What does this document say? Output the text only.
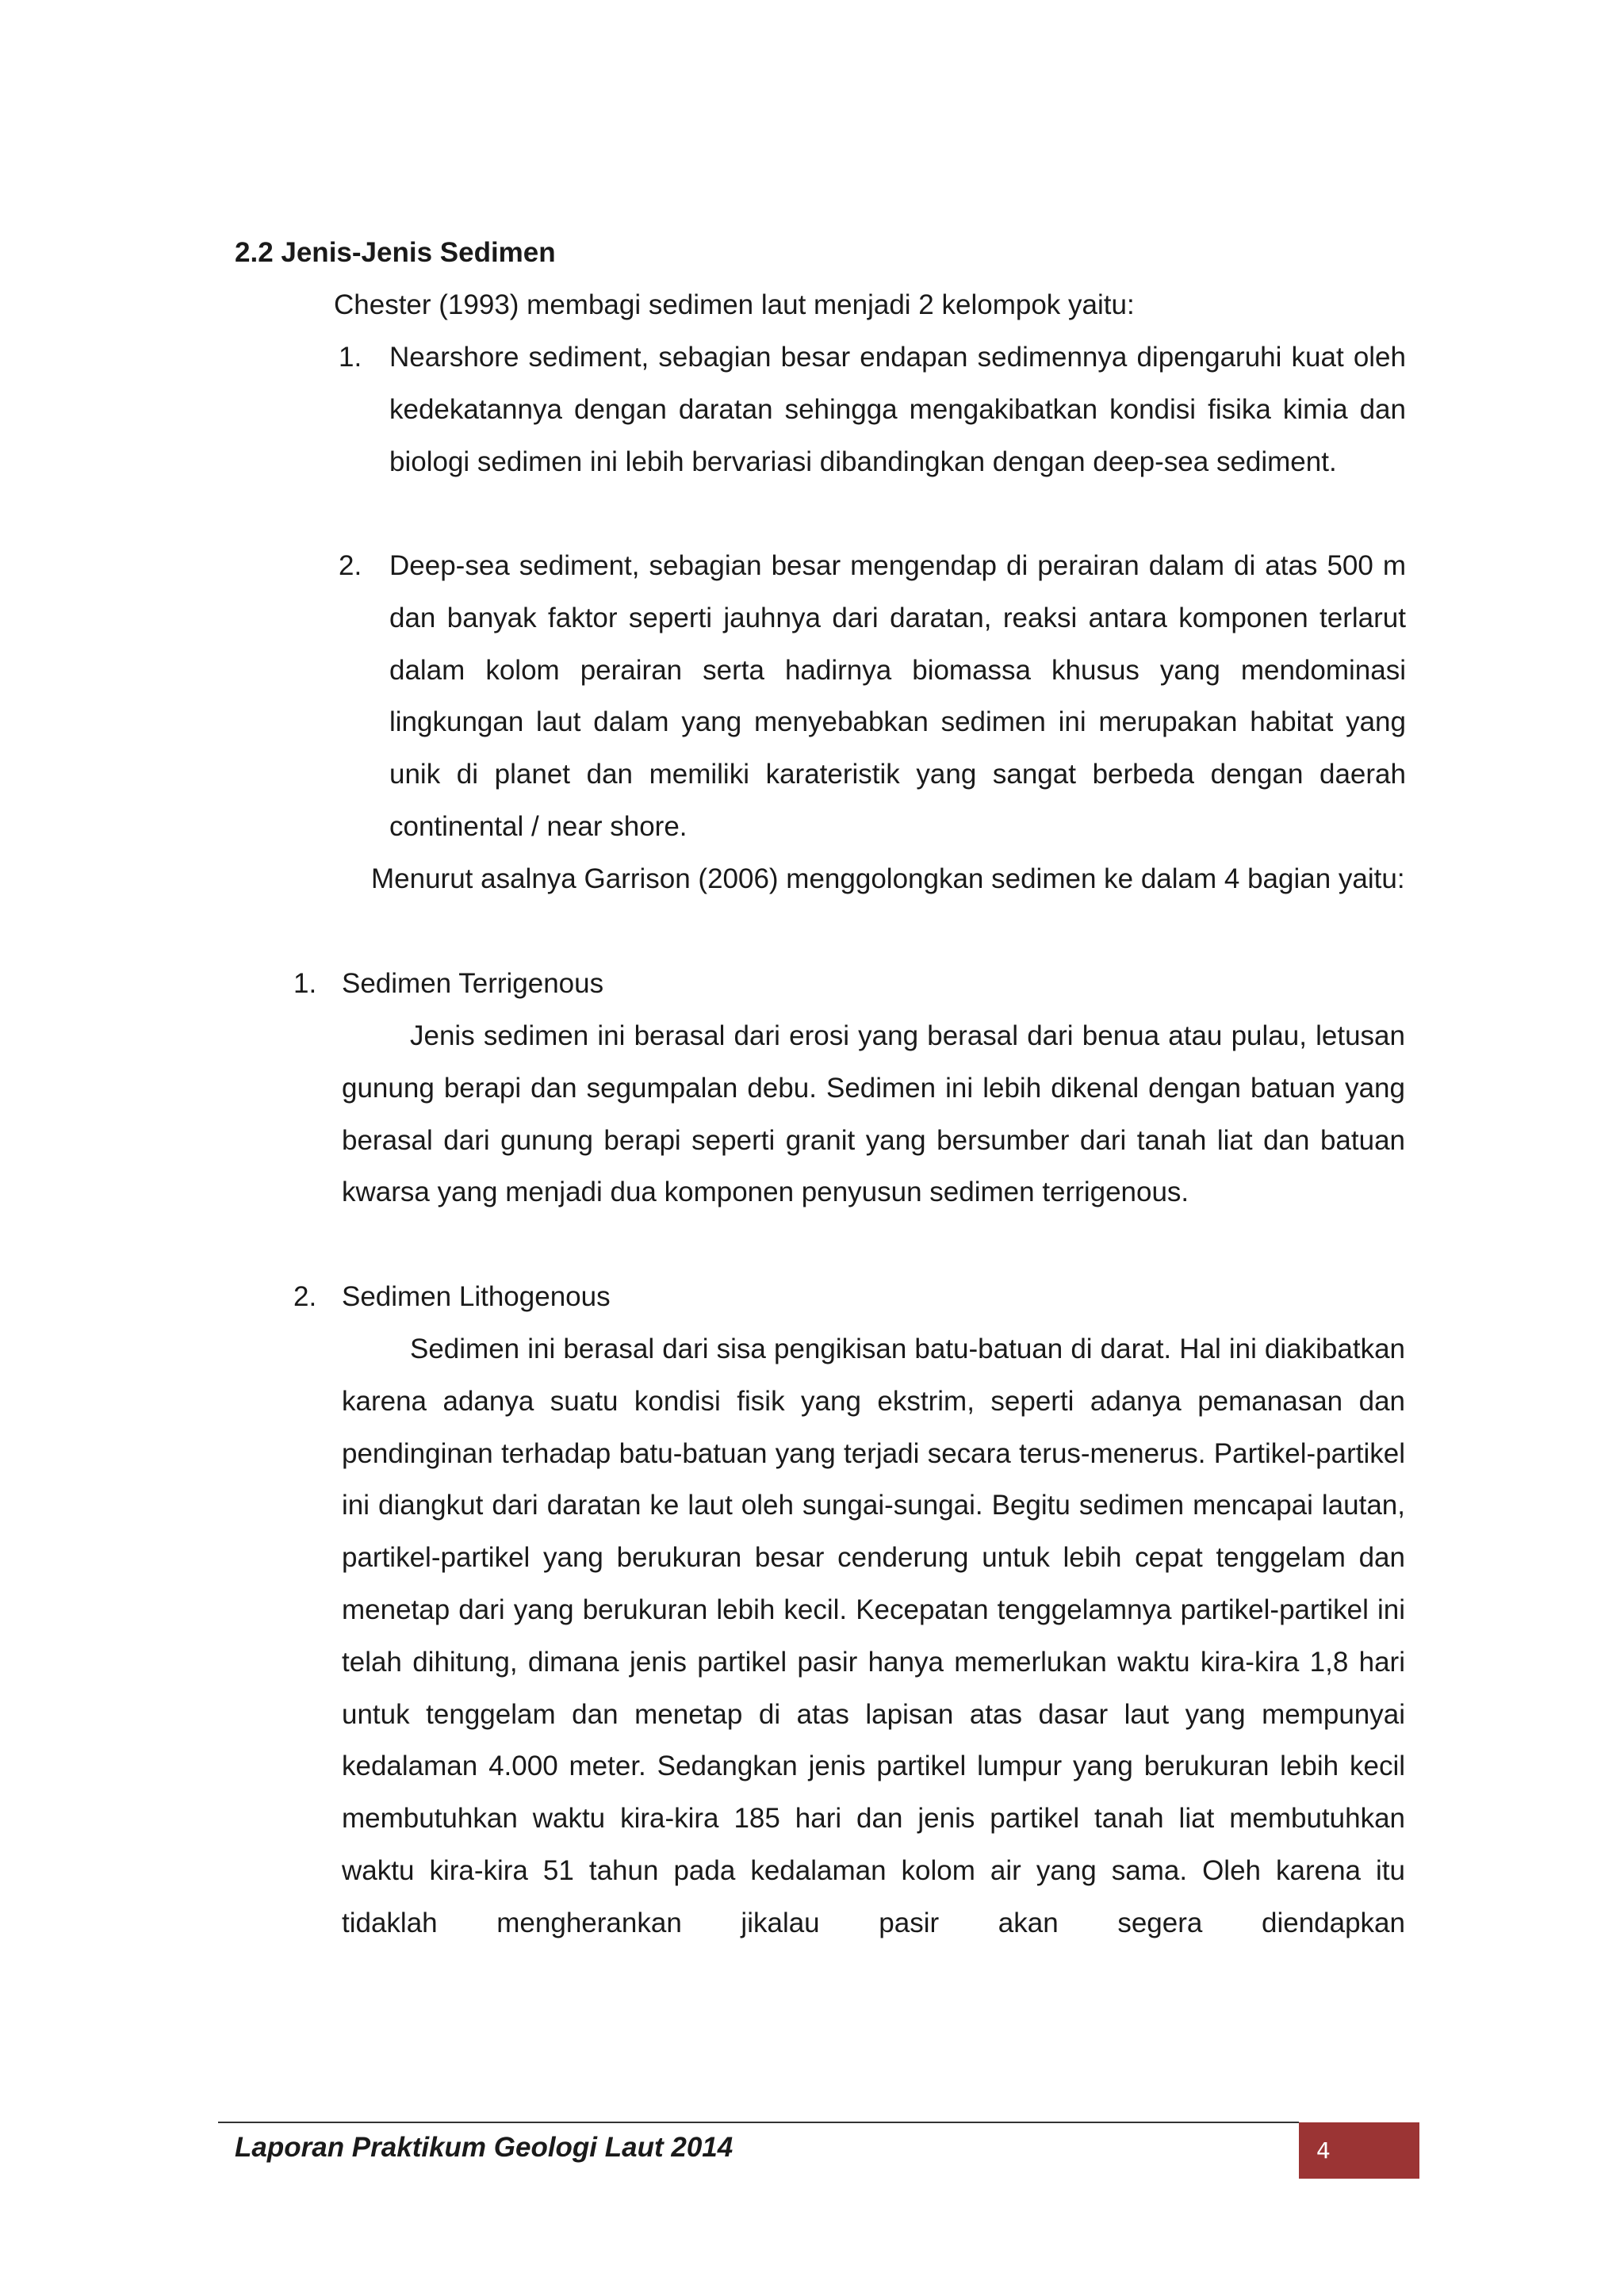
2.2 Jenis-Jenis Sedimen

Chester (1993) membagi sedimen laut menjadi 2 kelompok yaitu:

1. Nearshore sediment, sebagian besar endapan sedimennya dipengaruhi kuat oleh kedekatannya dengan daratan sehingga mengakibatkan kondisi fisika kimia dan biologi sedimen ini lebih bervariasi dibandingkan dengan deep-sea sediment.
2. Deep-sea sediment, sebagian besar mengendap di perairan dalam di atas 500 m dan banyak faktor seperti jauhnya dari daratan, reaksi antara komponen terlarut dalam kolom perairan serta hadirnya biomassa khusus yang mendominasi lingkungan laut dalam yang menyebabkan sedimen ini merupakan habitat yang unik di planet dan memiliki karateristik yang sangat berbeda dengan daerah continental / near shore.

Menurut asalnya Garrison (2006) menggolongkan sedimen ke dalam 4 bagian yaitu:

1. Sedimen Terrigenous

Jenis sedimen ini berasal dari erosi yang berasal dari benua atau pulau, letusan gunung berapi dan segumpalan debu. Sedimen ini lebih dikenal dengan batuan yang berasal dari gunung berapi seperti granit yang bersumber dari tanah liat dan batuan kwarsa yang menjadi dua komponen penyusun sedimen terrigenous.

2. Sedimen Lithogenous

Sedimen ini berasal dari sisa pengikisan batu-batuan di darat. Hal ini diakibatkan karena adanya suatu kondisi fisik yang ekstrim, seperti adanya pemanasan dan pendinginan terhadap batu-batuan yang terjadi secara terus-menerus. Partikel-partikel ini diangkut dari daratan ke laut oleh sungai-sungai. Begitu sedimen mencapai lautan, partikel-partikel yang berukuran besar cenderung untuk lebih cepat tenggelam dan menetap dari yang berukuran lebih kecil. Kecepatan tenggelamnya partikel-partikel ini telah dihitung, dimana jenis partikel pasir hanya memerlukan waktu kira-kira 1,8 hari untuk tenggelam dan menetap di atas lapisan atas dasar laut yang mempunyai kedalaman 4.000 meter. Sedangkan jenis partikel lumpur yang berukuran lebih kecil membutuhkan waktu kira-kira 185 hari dan jenis partikel tanah liat membutuhkan waktu kira-kira 51 tahun pada kedalaman kolom air yang sama. Oleh karena itu tidaklah mengherankan jikalau pasir akan segera diendapkan

Laporan Praktikum Geologi Laut 2014	4
